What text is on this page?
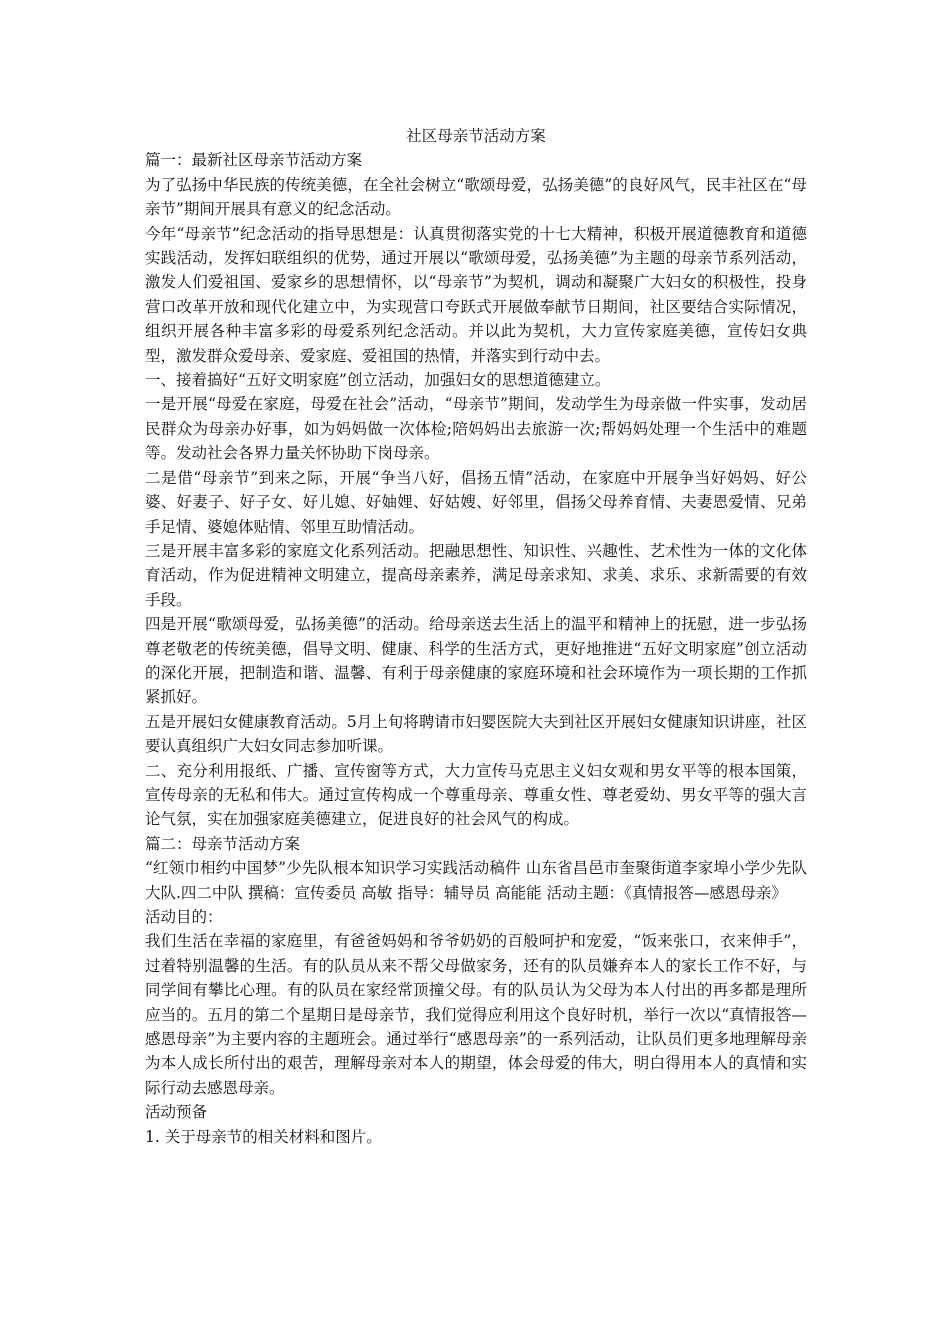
社区母亲节活动方案

篇一：最新社区母亲节活动方案

为了弘扬中华民族的传统美德，在全社会树立“歌颂母爱，弘扬美德”的良好风气，民丰社区在“母亲节”期间开展具有意义的纪念活动。

今年“母亲节”纪念活动的指导思想是：认真贯彻落实党的十七大精神，积极开展道德教育和道德实践活动，发挥妇联组织的优势，通过开展以“歌颂母爱，弘扬美德”为主题的母亲节系列活动，激发人们爱祖国、爱家乡的思想情怀，以“母亲节”为契机，调动和凝聚广大妇女的积极性，投身营口改革开放和现代化建立中，为实现营口夸跃式开展做奉献节日期间，社区要结合实际情况，组织开展各种丰富多彩的母爱系列纪念活动。并以此为契机，大力宣传家庭美德，宣传妇女典型，激发群众爱母亲、爱家庭、爱祖国的热情，并落实到行动中去。

一、接着搞好“五好文明家庭”创立活动，加强妇女的思想道德建立。

一是开展“母爱在家庭，母爱在社会”活动，“母亲节”期间，发动学生为母亲做一件实事，发动居民群众为母亲办好事，如为妈妈做一次体检;陪妈妈出去旅游一次;帮妈妈处理一个生活中的难题等。发动社会各界力量关怀协助下岗母亲。

二是借“母亲节”到来之际，开展“争当八好，倡扬五情”活动，在家庭中开展争当好妈妈、好公婆、好妻子、好子女、好儿媳、好妯娌、好姑嫂、好邻里，倡扬父母养育情、夫妻恩爱情、兄弟手足情、婆媳体贴情、邻里互助情活动。

三是开展丰富多彩的家庭文化系列活动。把融思想性、知识性、兴趣性、艺术性为一体的文化体育活动，作为促进精神文明建立，提高母亲素养，满足母亲求知、求美、求乐、求新需要的有效手段。

四是开展“歌颂母爱，弘扬美德”的活动。给母亲送去生活上的温平和精神上的抚慰，进一步弘扬尊老敬老的传统美德，倡导文明、健康、科学的生活方式，更好地推进“五好文明家庭”创立活动的深化开展，把制造和谐、温馨、有利于母亲健康的家庭环境和社会环境作为一项长期的工作抓紧抓好。

五是开展妇女健康教育活动。5月上旬将聘请市妇婴医院大夫到社区开展妇女健康知识讲座，社区要认真组织广大妇女同志参加听课。

二、充分利用报纸、广播、宣传窗等方式，大力宣传马克思主义妇女观和男女平等的根本国策，宣传母亲的无私和伟大。通过宣传构成一个尊重母亲、尊重女性、尊老爱幼、男女平等的强大言论气氛，实在加强家庭美德建立，促进良好的社会风气的构成。

篇二：母亲节活动方案

“红领巾相约中国梦”少先队根本知识学习实践活动稿件 山东省昌邑市奎聚街道李家埠小学少先队大队.四二中队 撰稿：宣传委员 高敏 指导：辅导员 高能能 活动主题：《真情报答—感恩母亲》

活动目的：

我们生活在幸福的家庭里，有爸爸妈妈和爷爷奶奶的百般呵护和宠爱，“饭来张口，衣来伸手”，过着特别温馨的生活。有的队员从来不帮父母做家务，还有的队员嫌弃本人的家长工作不好，与同学间有攀比心理。有的队员在家经常顶撞父母。有的队员认为父母为本人付出的再多都是理所应当的。五月的第二个星期日是母亲节，我们觉得应利用这个良好时机，举行一次以“真情报答—感恩母亲”为主要内容的主题班会。通过举行“感恩母亲”的一系列活动，让队员们更多地理解母亲为本人成长所付出的艰苦，理解母亲对本人的期望，体会母爱的伟大，明白得用本人的真情和实际行动去感恩母亲。

活动预备

1. 关于母亲节的相关材料和图片。
